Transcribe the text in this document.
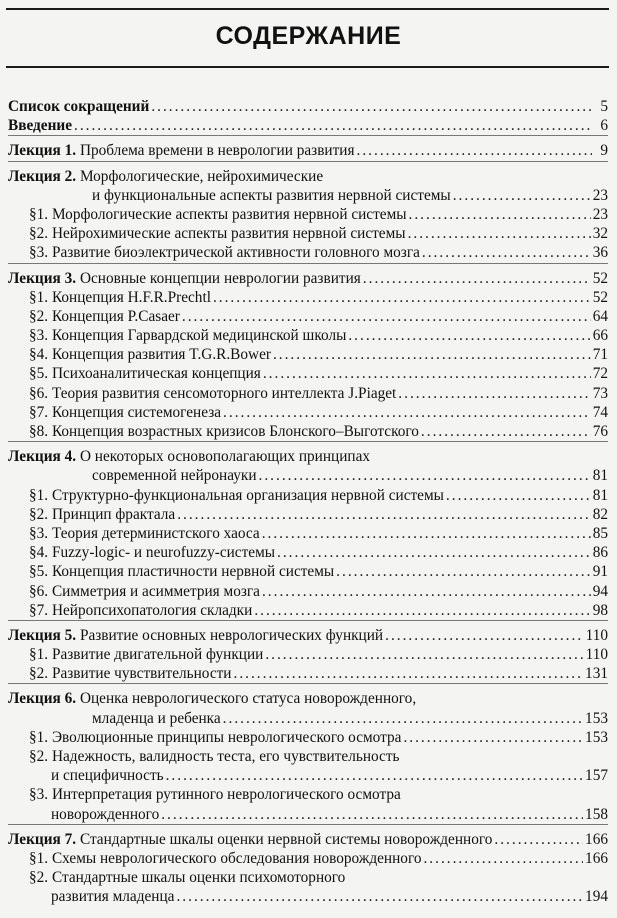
СОДЕРЖАНИЕ
Список сокращений .....	5
Введение .....	6
Лекция 1. Проблема времени в неврологии развития .....	9
Лекция 2. Морфологические, нейрохимические
и функциональные аспекты развития нервной системы .....	23
§1. Морфологические аспекты развития нервной системы .....	23
§2. Нейрохимические аспекты развития нервной системы .....	32
§3. Развитие биоэлектрической активности головного мозга .....	36
Лекция 3. Основные концепции неврологии развития .....	52
§1. Концепция H.F.R.Prechtl .....	52
§2. Концепция P.Casaer .....	64
§3. Концепция Гарвардской медицинской школы .....	66
§4. Концепция развития T.G.R.Bower .....	71
§5. Психоаналитическая концепция .....	72
§6. Теория развития сенсомоторного интеллекта J.Piaget .....	73
§7. Концепция системогенеза .....	74
§8. Концепция возрастных кризисов Блонского–Выготского .....	76
Лекция 4. О некоторых основополагающих принципах
современной нейронауки .....	81
§1. Структурно-функциональная организация нервной системы .....	81
§2. Принцип фрактала .....	82
§3. Теория детерминистского хаоса .....	85
§4. Fuzzy-logic- и neurofuzzy-системы .....	86
§5. Концепция пластичности нервной системы .....	91
§6. Симметрия и асимметрия мозга .....	94
§7. Нейропсихопатология складки .....	98
Лекция 5. Развитие основных неврологических функций .....	110
§1. Развитие двигательной функции .....	110
§2. Развитие чувствительности .....	131
Лекция 6. Оценка неврологического статуса новорожденного,
младенца и ребенка .....	153
§1. Эволюционные принципы неврологического осмотра .....	153
§2. Надежность, валидность теста, его чувствительность
и специфичность .....	157
§3. Интерпретация рутинного неврологического осмотра
новорожденного .....	158
Лекция 7. Стандартные шкалы оценки нервной системы новорожденного .....	166
§1. Схемы неврологического обследования новорожденного .....	166
§2. Стандартные шкалы оценки психомоторного
развития младенца .....	194
